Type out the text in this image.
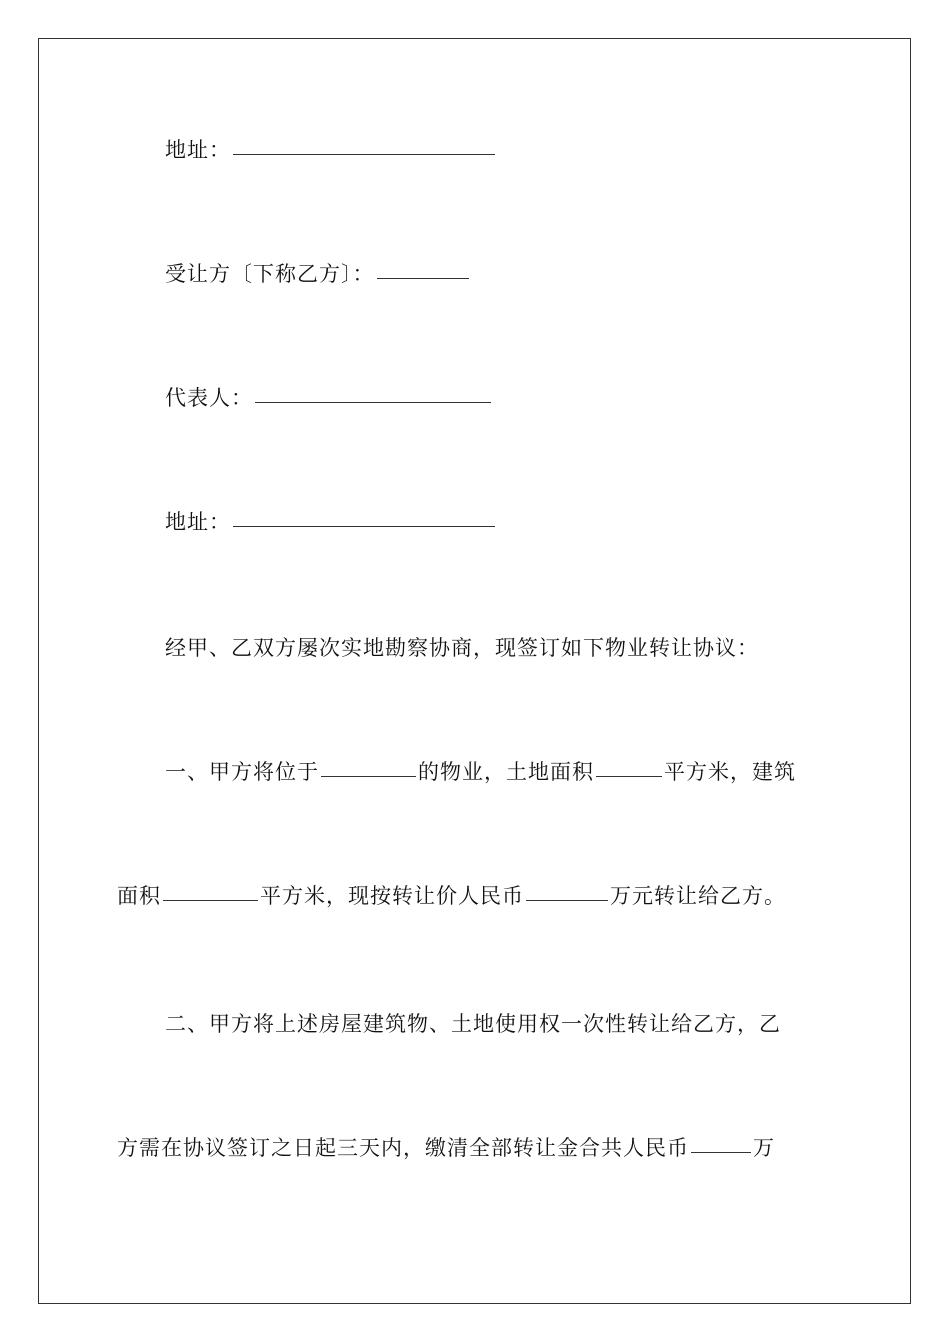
地址：
受让方〔下称乙方〕：
代表人：
地址：
经甲、乙双方屡次实地勘察协商，现签订如下物业转让协议：
一、甲方将位于	的物业，土地面积	平方米，建筑
面积	平方米，现按转让价人民币	万元转让给乙方。
二、甲方将上述房屋建筑物、土地使用权一次性转让给乙方，乙
方需在协议签订之日起三天内，缴清全部转让金合共人民币	万
